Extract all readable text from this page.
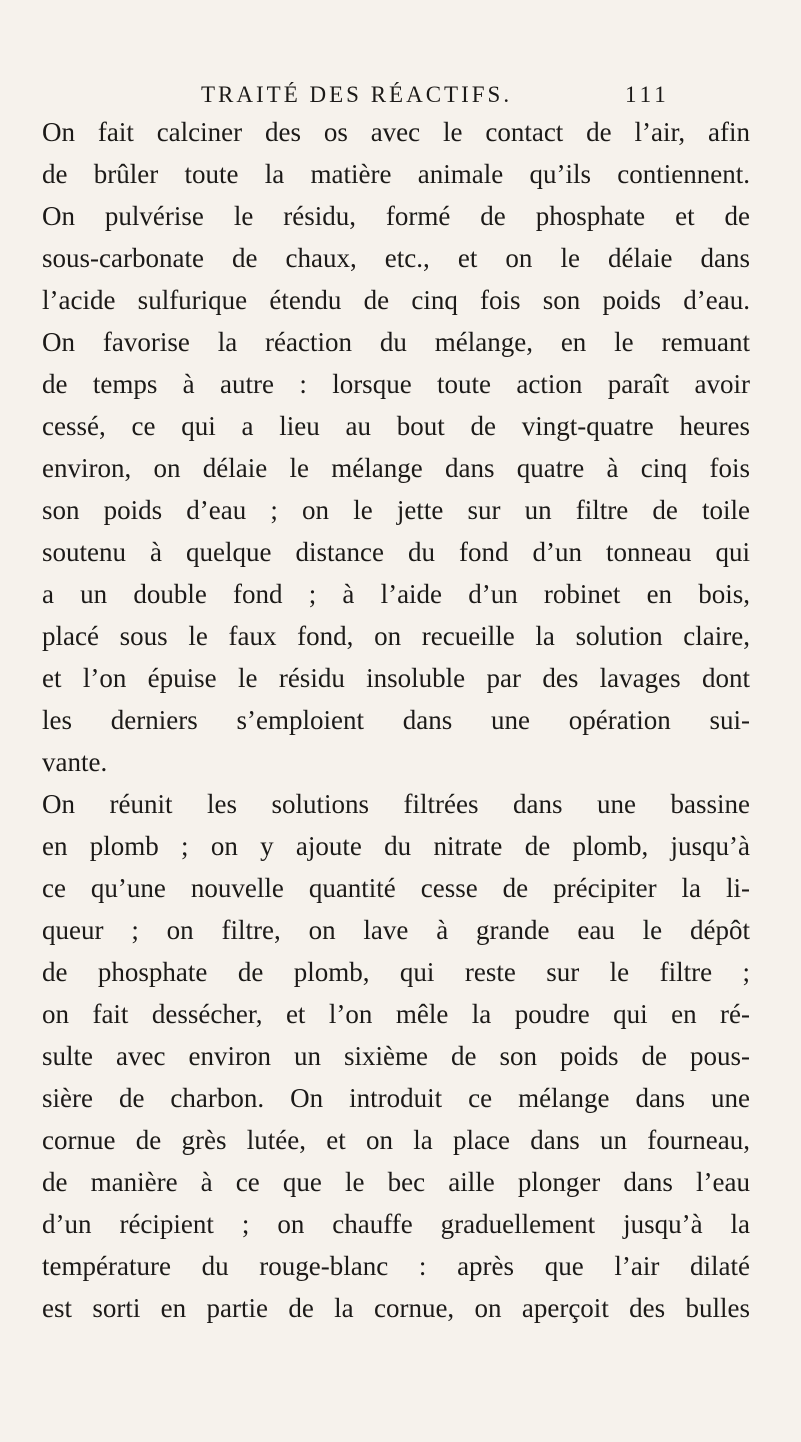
TRAITÉ DES RÉACTIFS.	111
On fait calciner des os avec le contact de l’air, afin
de brûler toute la matière animale qu’ils contiennent.
On pulvérise le résidu, formé de phosphate et de
sous-carbonate de chaux, etc., et on le délaie dans
l’acide sulfurique étendu de cinq fois son poids d’eau.
On favorise la réaction du mélange, en le remuant
de temps à autre : lorsque toute action paraît avoir
cessé, ce qui a lieu au bout de vingt-quatre heures
environ, on délaie le mélange dans quatre à cinq fois
son poids d’eau ; on le jette sur un filtre de toile
soutenu à quelque distance du fond d’un tonneau qui
a un double fond ; à l’aide d’un robinet en bois,
placé sous le faux fond, on recueille la solution claire,
et l’on épuise le résidu insoluble par des lavages dont
les derniers s’emploient dans une opération sui-
vante.
On réunit les solutions filtrées dans une bassine
en plomb ; on y ajoute du nitrate de plomb, jusqu’à
ce qu’une nouvelle quantité cesse de précipiter la li-
queur ; on filtre, on lave à grande eau le dépôt
de phosphate de plomb, qui reste sur le filtre ;
on fait dessécher, et l’on mêle la poudre qui en ré-
sulte avec environ un sixième de son poids de pous-
sière de charbon. On introduit ce mélange dans une
cornue de grès lutée, et on la place dans un fourneau,
de manière à ce que le bec aille plonger dans l’eau
d’un récipient ; on chauffe graduellement jusqu’à la
température du rouge-blanc : après que l’air dilaté
est sorti en partie de la cornue, on aperçoit des bulles
